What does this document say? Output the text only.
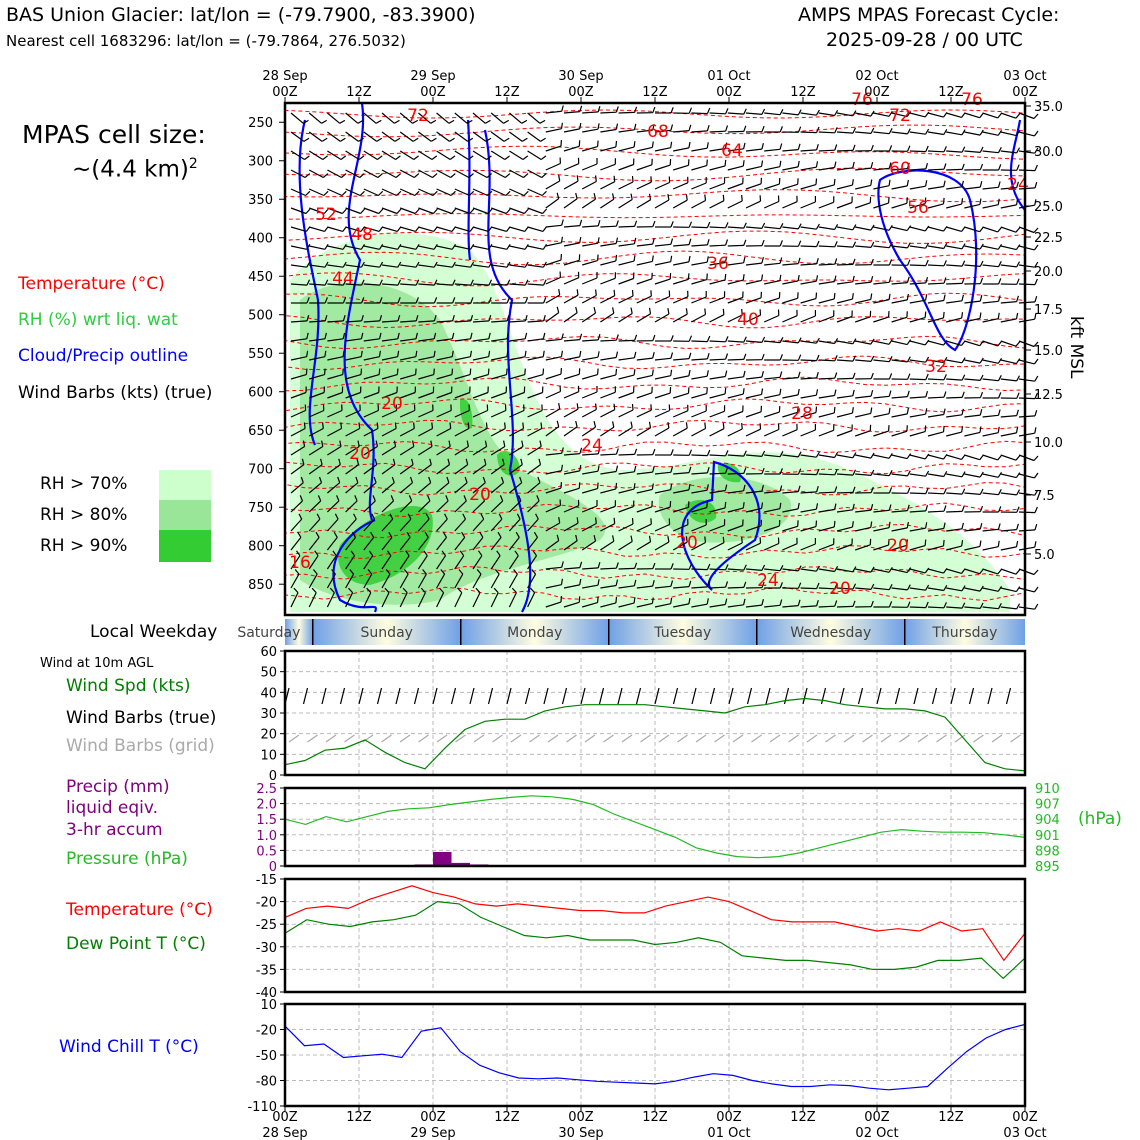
BAS Union Glacier: lat/lon = (-79.7900, -83.3900)
Nearest cell 1683296: lat/lon = (-79.7864, 276.5032)
AMPS MPAS Forecast Cycle:
2025-09-28 / 00 UTC
MPAS cell size:
~(4.4 km)$^2$
Temperature (°C)
RH (%) wrt liq. wat
Cloud/Precip outline
Wind Barbs (kts) (true)
RH > 70%
RH > 80%
RH > 90%
Local Weekday
Wind at 10m AGL
Wind Spd (kts)
Wind Barbs (true)
Wind Barbs (grid)
Precip (mm)
liquid eqiv.
3-hr accum
Pressure (hPa)
(hPa)
Temperature (°C)
Dew Point T (°C)
Wind Chill T (°C)
kft MSL
72
68
64
72
76	76
60
56
52
48
44
36
40
32
28
24
20
20
16
20	20
24	20
24
20
250
300
350
400
450
500
550
600
650
700
750
800
850
35.0
30.0
25.0
22.5
20.0
17.5
15.0
12.5
10.0
7.5
5.0
28 Sep
00Z	12Z
29 Sep
00Z	12Z
30 Sep
00Z	12Z
01 Oct
00Z	12Z
02 Oct
00Z	12Z
03 Oct
00Z
Saturday	Sunday	Monday	Tuesday	Wednesday	Thursday
0
10
20
30
40
50
60
0
0.5
1.0
1.5
2.0
2.5
895
898
901
904
907
910
-40
-35
-30
-25
-20
-15
-110
-80
-50
-20
10
00Z
28 Sep
12Z	00Z
29 Sep
12Z	00Z
30 Sep
12Z	00Z
01 Oct
12Z	00Z
02 Oct
12Z	00Z
03 Oct
